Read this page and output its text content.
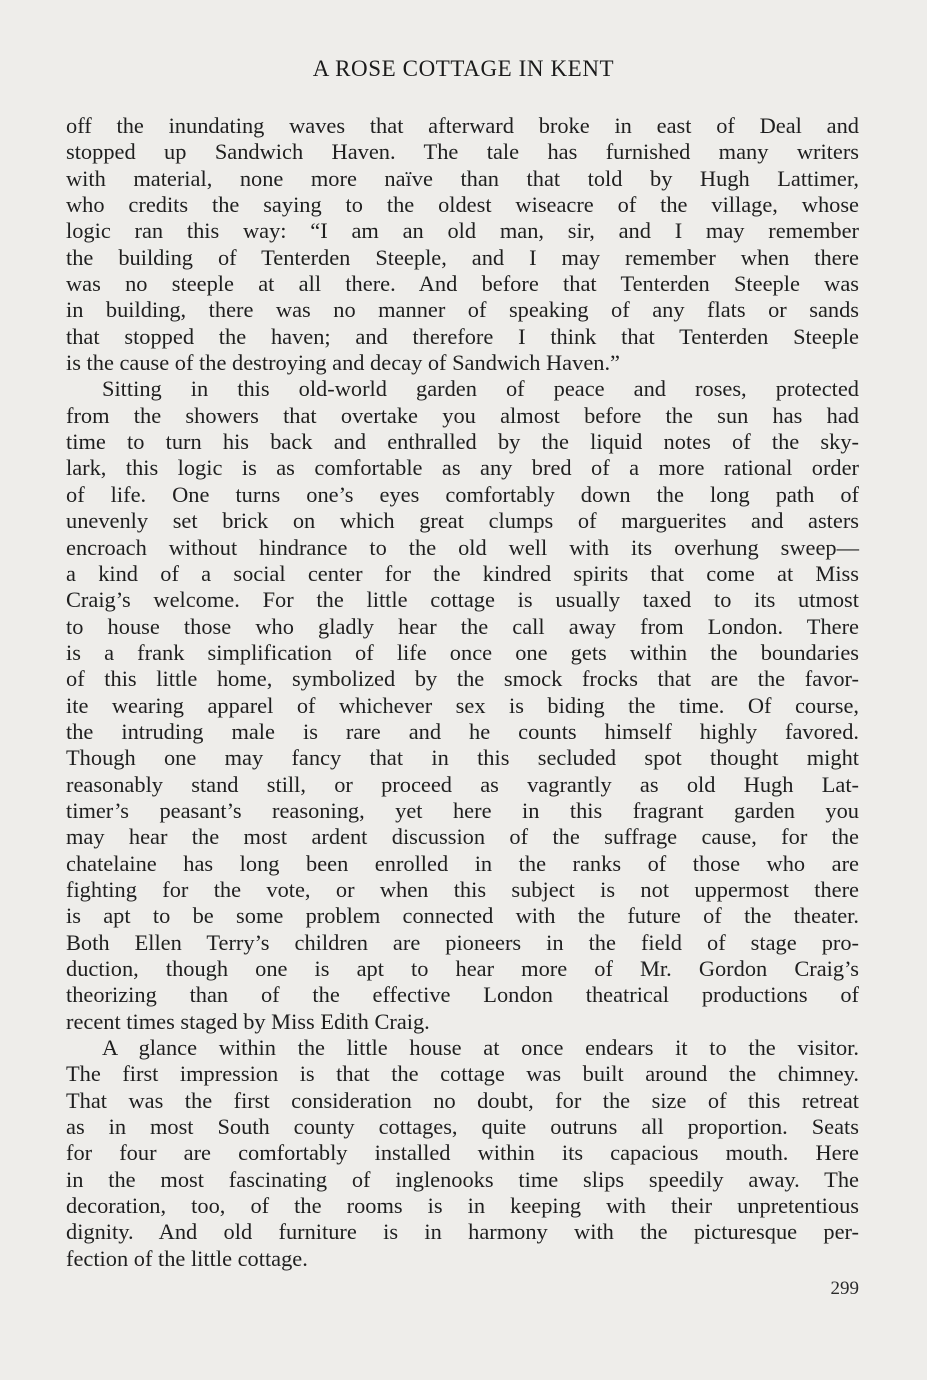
A ROSE COTTAGE IN KENT
off the inundating waves that afterward broke in east of Deal and
stopped up Sandwich Haven. The tale has furnished many writers
with material, none more naïve than that told by Hugh Lattimer,
who credits the saying to the oldest wiseacre of the village, whose
logic ran this way: “I am an old man, sir, and I may remember
the building of Tenterden Steeple, and I may remember when there
was no steeple at all there. And before that Tenterden Steeple was
in building, there was no manner of speaking of any flats or sands
that stopped the haven; and therefore I think that Tenterden Steeple
is the cause of the destroying and decay of Sandwich Haven.”
Sitting in this old-world garden of peace and roses, protected
from the showers that overtake you almost before the sun has had
time to turn his back and enthralled by the liquid notes of the sky-
lark, this logic is as comfortable as any bred of a more rational order
of life. One turns one’s eyes comfortably down the long path of
unevenly set brick on which great clumps of marguerites and asters
encroach without hindrance to the old well with its overhung sweep—
a kind of a social center for the kindred spirits that come at Miss
Craig’s welcome. For the little cottage is usually taxed to its utmost
to house those who gladly hear the call away from London. There
is a frank simplification of life once one gets within the boundaries
of this little home, symbolized by the smock frocks that are the favor-
ite wearing apparel of whichever sex is biding the time. Of course,
the intruding male is rare and he counts himself highly favored.
Though one may fancy that in this secluded spot thought might
reasonably stand still, or proceed as vagrantly as old Hugh Lat-
timer’s peasant’s reasoning, yet here in this fragrant garden you
may hear the most ardent discussion of the suffrage cause, for the
chatelaine has long been enrolled in the ranks of those who are
fighting for the vote, or when this subject is not uppermost there
is apt to be some problem connected with the future of the theater.
Both Ellen Terry’s children are pioneers in the field of stage pro-
duction, though one is apt to hear more of Mr. Gordon Craig’s
theorizing than of the effective London theatrical productions of
recent times staged by Miss Edith Craig.
A glance within the little house at once endears it to the visitor.
The first impression is that the cottage was built around the chimney.
That was the first consideration no doubt, for the size of this retreat
as in most South county cottages, quite outruns all proportion. Seats
for four are comfortably installed within its capacious mouth. Here
in the most fascinating of inglenooks time slips speedily away. The
decoration, too, of the rooms is in keeping with their unpretentious
dignity. And old furniture is in harmony with the picturesque per-
fection of the little cottage.
299
